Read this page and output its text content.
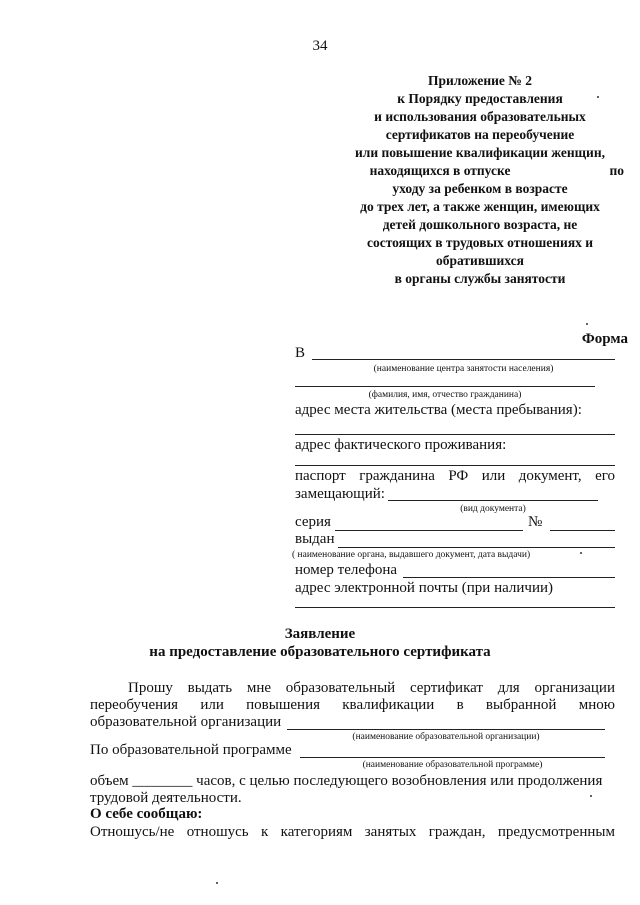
34
Приложение № 2
к Порядку предоставления
и использования образовательных
сертификатов на переобучение
или повышение квалификации женщин,
находящихся в отпуске	по
уходу за ребенком в возрасте
до трех лет, а также женщин, имеющих
детей дошкольного возраста, не
состоящих в трудовых отношениях и
обратившихся
в органы службы занятости
Форма
В
(наименование центра занятости населения)
(фамилия, имя, отчество гражданина)
адрес места жительства (места пребывания):
адрес фактического проживания:
паспорт гражданина РФ или документ, его
замещающий:
(вид документа)
серия	№
выдан
( наименование органа, выдавшего документ, дата выдачи)
номер телефона
адрес электронной почты (при наличии)
Заявление
на предоставление образовательного сертификата
Прошу выдать мне образовательный сертификат для организации
переобучения или повышения квалификации в выбранной мною
образовательной организации
(наименование образовательной организации)
По образовательной программе
(наименование образовательной программе)
объем ________ часов, с целью последующего возобновления или продолжения
трудовой деятельности.
О себе сообщаю:
Отношусь/не отношусь к категориям занятых граждан, предусмотренным
